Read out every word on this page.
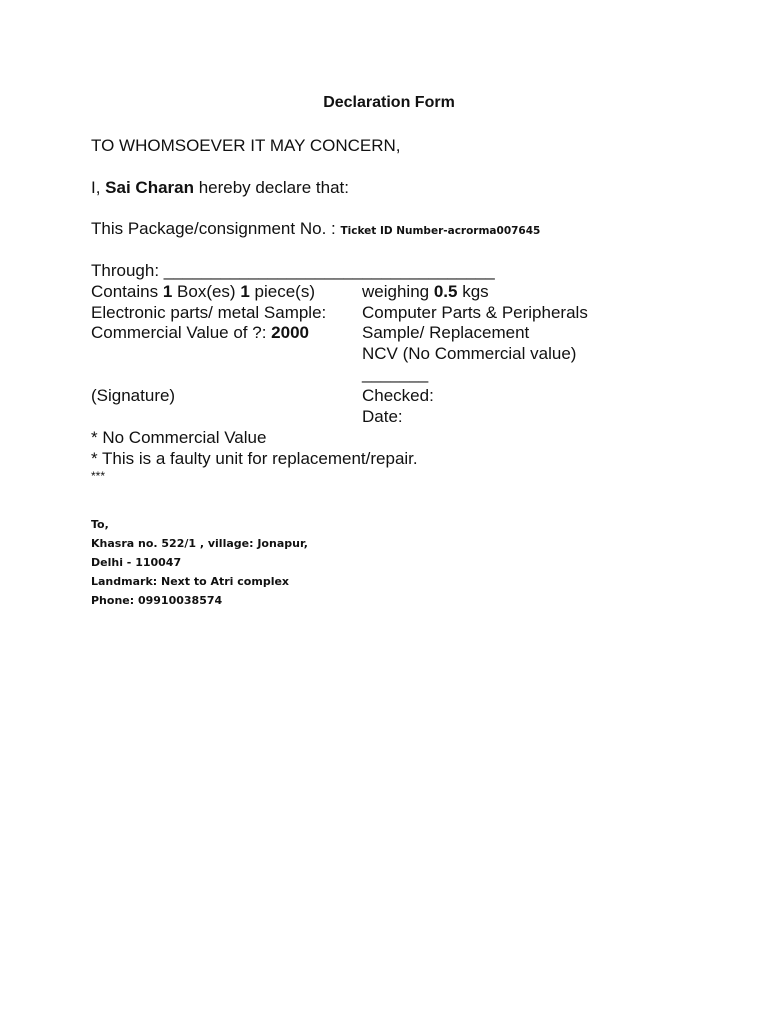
Declaration Form
TO WHOMSOEVER IT MAY CONCERN,
I, Sai Charan hereby declare that:
This Package/consignment No. : Ticket ID Number-acrorma007645
Through: ___________________________________
Contains 1 Box(es) 1 piece(s)	weighing 0.5 kgs
Electronic parts/ metal Sample: Computer Parts & Peripherals
Commercial Value of ?: 2000	Sample/ Replacement
NCV (No Commercial value)
_______
(Signature)	Checked:
Date:
* No Commercial Value
* This is a faulty unit for replacement/repair.
***
To,
Khasra no. 522/1 , village: Jonapur,
Delhi - 110047
Landmark: Next to Atri complex
Phone: 09910038574
